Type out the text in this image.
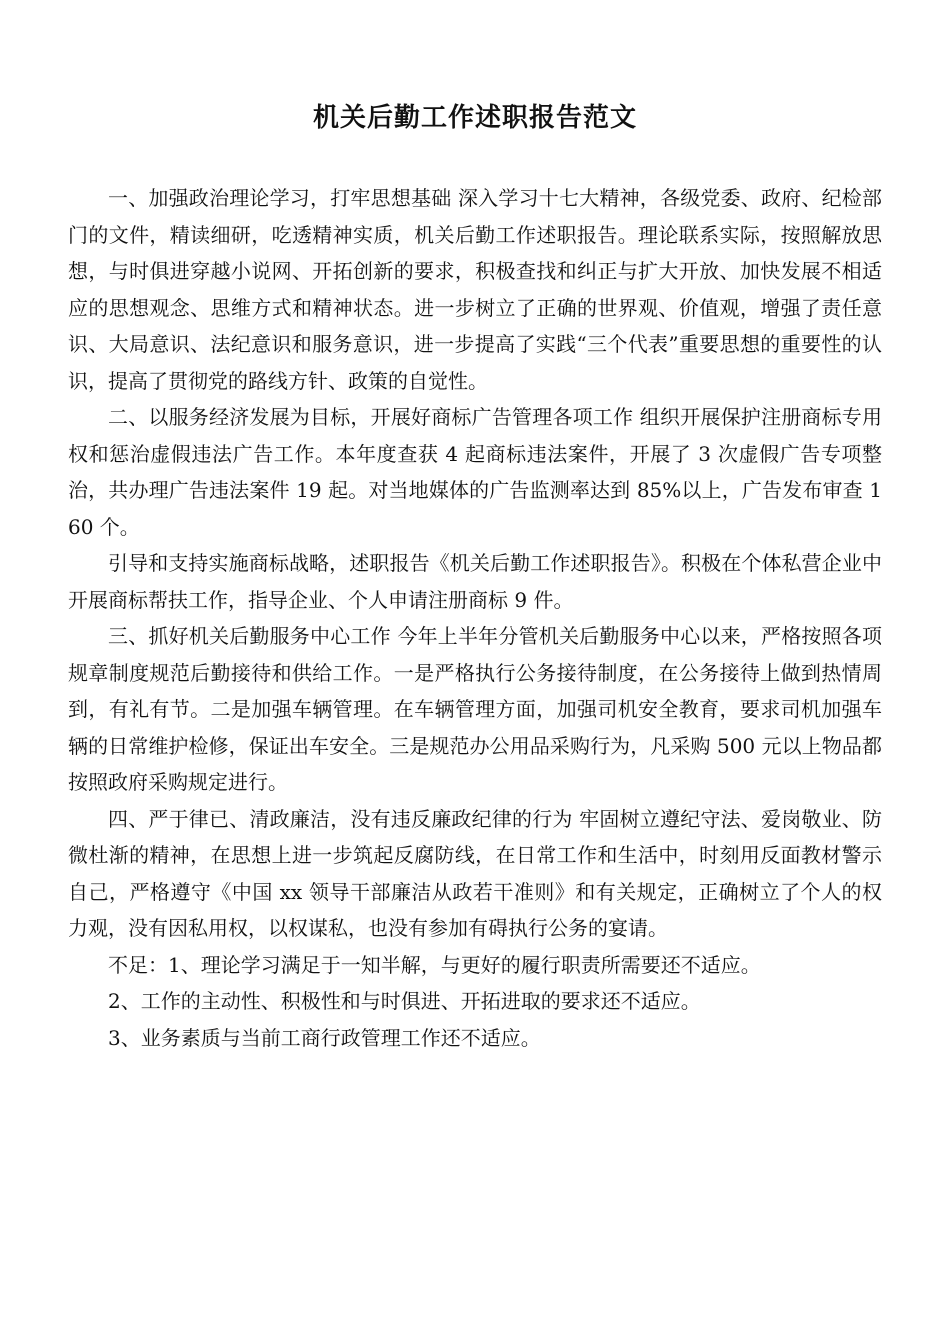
机关后勤工作述职报告范文

一、加强政治理论学习，打牢思想基础 深入学习十七大精神，各级党委、政府、纪检部门的文件，精读细研，吃透精神实质，机关后勤工作述职报告。理论联系实际，按照解放思想，与时俱进穿越小说网、开拓创新的要求，积极查找和纠正与扩大开放、加快发展不相适应的思想观念、思维方式和精神状态。进一步树立了正确的世界观、价值观，增强了责任意识、大局意识、法纪意识和服务意识，进一步提高了实践“三个代表”重要思想的重要性的认识，提高了贯彻党的路线方针、政策的自觉性。

二、以服务经济发展为目标，开展好商标广告管理各项工作 组织开展保护注册商标专用权和惩治虚假违法广告工作。本年度查获 4 起商标违法案件，开展了 3 次虚假广告专项整治，共办理广告违法案件 19 起。对当地媒体的广告监测率达到 85%以上，广告发布审查 160 个。

引导和支持实施商标战略，述职报告《机关后勤工作述职报告》。积极在个体私营企业中开展商标帮扶工作，指导企业、个人申请注册商标 9 件。

三、抓好机关后勤服务中心工作 今年上半年分管机关后勤服务中心以来，严格按照各项规章制度规范后勤接待和供给工作。一是严格执行公务接待制度，在公务接待上做到热情周到，有礼有节。二是加强车辆管理。在车辆管理方面，加强司机安全教育，要求司机加强车辆的日常维护检修，保证出车安全。三是规范办公用品采购行为，凡采购 500 元以上物品都按照政府采购规定进行。

四、严于律已、清政廉洁，没有违反廉政纪律的行为 牢固树立遵纪守法、爱岗敬业、防微杜渐的精神，在思想上进一步筑起反腐防线，在日常工作和生活中，时刻用反面教材警示自己，严格遵守《中国 xx 领导干部廉洁从政若干准则》和有关规定，正确树立了个人的权力观，没有因私用权，以权谋私，也没有参加有碍执行公务的宴请。

不足：1、理论学习满足于一知半解，与更好的履行职责所需要还不适应。

2、工作的主动性、积极性和与时俱进、开拓进取的要求还不适应。

3、业务素质与当前工商行政管理工作还不适应。
